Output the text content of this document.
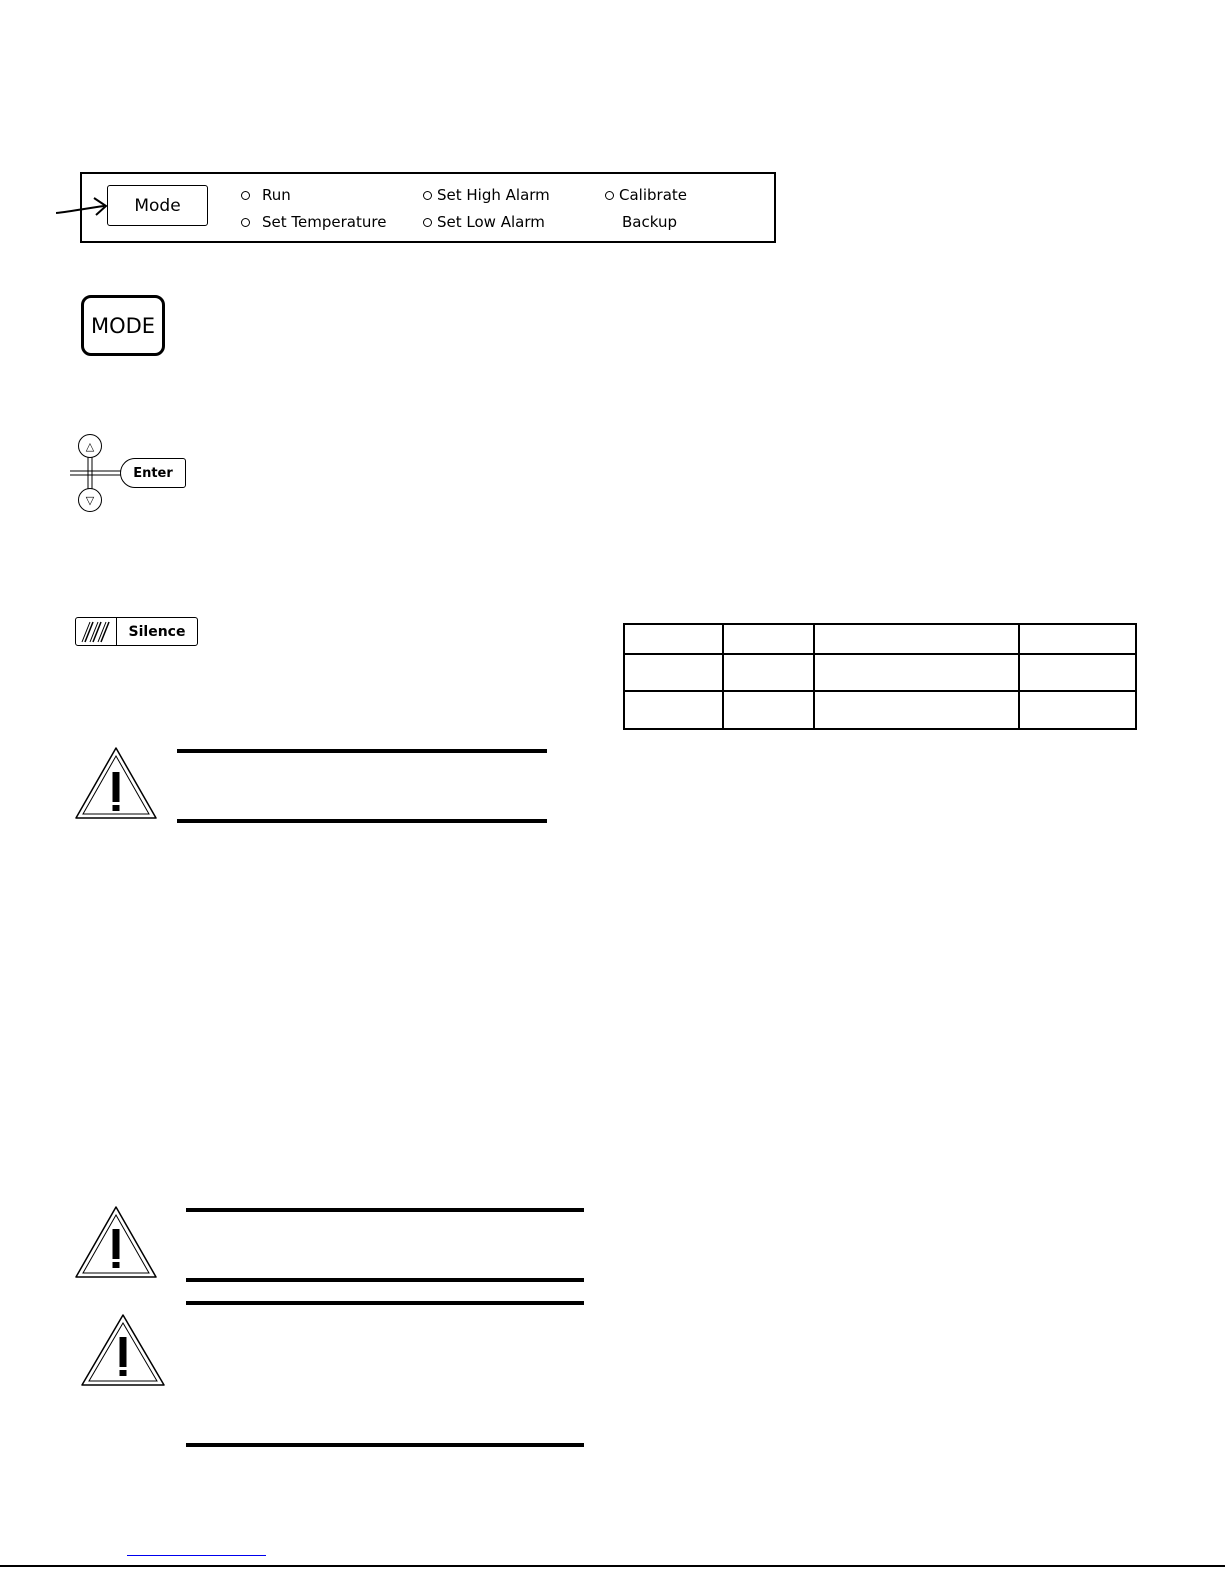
Mode
Run
Set Temperature
Set High Alarm
Set Low Alarm
Calibrate
Backup
MODE
△
▽
Enter
Silence
